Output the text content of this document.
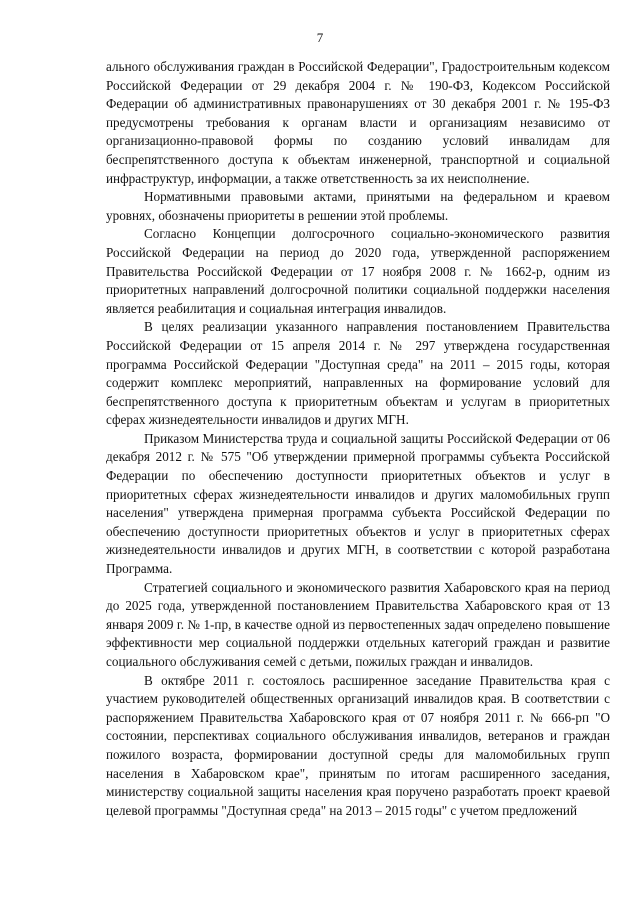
7

ального обслуживания граждан в Российской Федерации", Градостроительным кодексом Российской Федерации от 29 декабря 2004 г. № 190-ФЗ, Кодексом Российской Федерации об административных правонарушениях от 30 декабря 2001 г. № 195-ФЗ предусмотрены требования к органам власти и организациям независимо от организационно-правовой формы по созданию условий инвалидам для беспрепятственного доступа к объектам инженерной, транспортной и социальной инфраструктур, информации, а также ответственность за их неисполнение.

Нормативными правовыми актами, принятыми на федеральном и краевом уровнях, обозначены приоритеты в решении этой проблемы.

Согласно Концепции долгосрочного социально-экономического развития Российской Федерации на период до 2020 года, утвержденной распоряжением Правительства Российской Федерации от 17 ноября 2008 г. № 1662-р, одним из приоритетных направлений долгосрочной политики социальной поддержки населения является реабилитация и социальная интеграция инвалидов.

В целях реализации указанного направления постановлением Правительства Российской Федерации от 15 апреля 2014 г. № 297 утверждена государственная программа Российской Федерации "Доступная среда" на 2011 – 2015 годы, которая содержит комплекс мероприятий, направленных на формирование условий для беспрепятственного доступа к приоритетным объектам и услугам в приоритетных сферах жизнедеятельности инвалидов и других МГН.

Приказом Министерства труда и социальной защиты Российской Федерации от 06 декабря 2012 г. № 575 "Об утверждении примерной программы субъекта Российской Федерации по обеспечению доступности приоритетных объектов и услуг в приоритетных сферах жизнедеятельности инвалидов и других маломобильных групп населения" утверждена примерная программа субъекта Российской Федерации по обеспечению доступности приоритетных объектов и услуг в приоритетных сферах жизнедеятельности инвалидов и других МГН, в соответствии с которой разработана Программа.

Стратегией социального и экономического развития Хабаровского края на период до 2025 года, утвержденной постановлением Правительства Хабаровского края от 13 января 2009 г. № 1-пр, в качестве одной из первостепенных задач определено повышение эффективности мер социальной поддержки отдельных категорий граждан и развитие социального обслуживания семей с детьми, пожилых граждан и инвалидов.

В октябре 2011 г. состоялось расширенное заседание Правительства края с участием руководителей общественных организаций инвалидов края. В соответствии с распоряжением Правительства Хабаровского края от 07 ноября 2011 г. № 666-рп "О состоянии, перспективах социального обслуживания инвалидов, ветеранов и граждан пожилого возраста, формировании доступной среды для маломобильных групп населения в Хабаровском крае", принятым по итогам расширенного заседания, министерству социальной защиты населения края поручено разработать проект краевой целевой программы "Доступная среда" на 2013 – 2015 годы" с учетом предложений
